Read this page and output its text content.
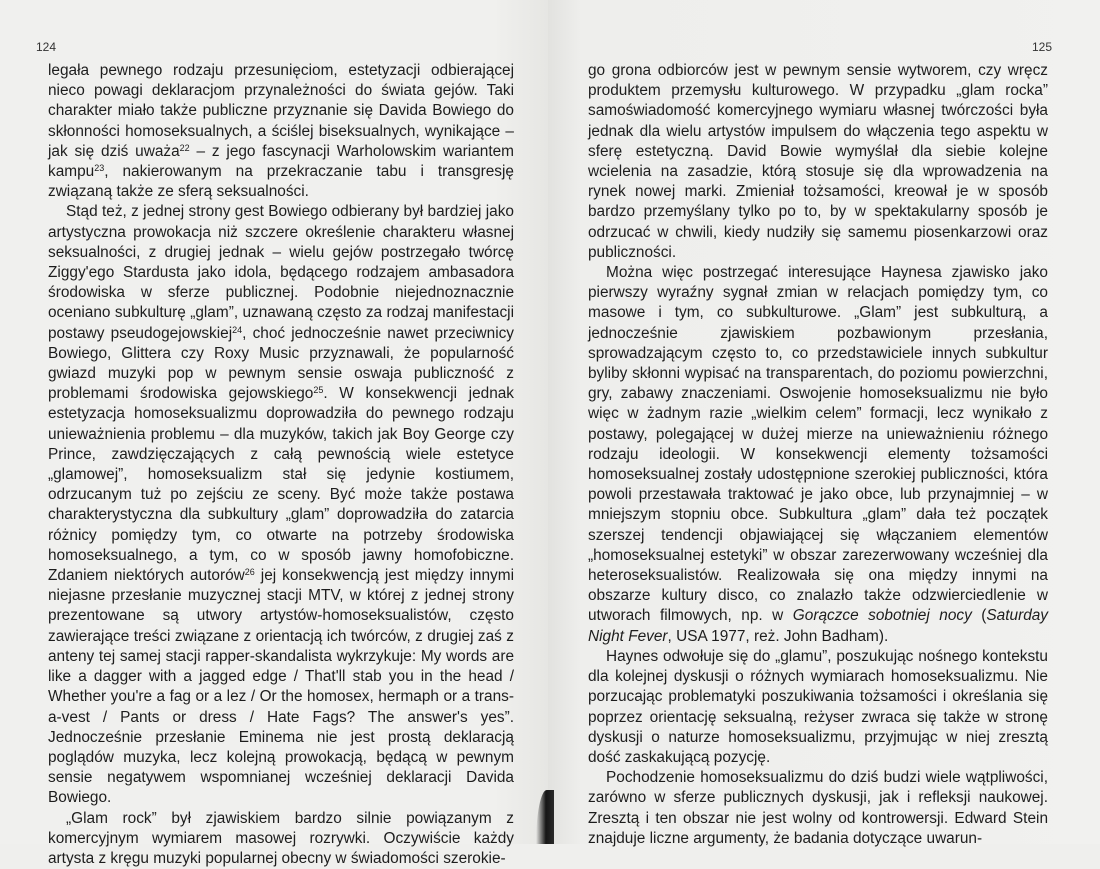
124

legała pewnego rodzaju przesunięciom, estetyzacji odbierającej nieco powagi deklaracjom przynależności do świata gejów. Taki charakter miało także publiczne przyznanie się Davida Bowiego do skłonności homoseksualnych, a ściślej biseksualnych, wynikające – jak się dziś uważa$^{22}$ – z jego fascynacji Warholowskim wariantem kampu$^{23}$, nakierowanym na przekraczanie tabu i transgresję związaną także ze sferą seksualności.

Stąd też, z jednej strony gest Bowiego odbierany był bardziej jako artystyczna prowokacja niż szczere określenie charakteru własnej seksualności, z drugiej jednak – wielu gejów postrzegało twórcę Ziggy'ego Stardusta jako idola, będącego rodzajem ambasadora środowiska w sferze publicznej. Podobnie niejednoznacznie oceniano subkulturę „glam”, uznawaną często za rodzaj manifestacji postawy pseudogejowskiej$^{24}$, choć jednocześnie nawet przeciwnicy Bowiego, Glittera czy Roxy Music przyznawali, że popularność gwiazd muzyki pop w pewnym sensie oswaja publiczność z problemami środowiska gejowskiego$^{25}$. W konsekwencji jednak estetyzacja homoseksualizmu doprowadziła do pewnego rodzaju unieważnienia problemu – dla muzyków, takich jak Boy George czy Prince, zawdzięczających z całą pewnością wiele estetyce „glamowej”, homoseksualizm stał się jedynie kostiumem, odrzucanym tuż po zejściu ze sceny. Być może także postawa charakterystyczna dla subkultury „glam” doprowadziła do zatarcia różnicy pomiędzy tym, co otwarte na potrzeby środowiska homoseksualnego, a tym, co w sposób jawny homofobiczne. Zdaniem niektórych autorów$^{26}$ jej konsekwencją jest między innymi niejasne przesłanie muzycznej stacji MTV, w której z jednej strony prezentowane są utwory artystów-homoseksualistów, często zawierające treści związane z orientacją ich twórców, z drugiej zaś z anteny tej samej stacji rapper-skandalista wykrzykuje: My words are like a dagger with a jagged edge / That'll stab you in the head / Whether you're a fag or a lez / Or the homosex, hermaph or a trans-a-vest / Pants or dress / Hate Fags? The answer's yes”. Jednocześnie przesłanie Eminema nie jest prostą deklaracją poglądów muzyka, lecz kolejną prowokacją, będącą w pewnym sensie negatywem wspomnianej wcześniej deklaracji Davida Bowiego.

„Glam rock” był zjawiskiem bardzo silnie powiązanym z komercyjnym wymiarem masowej rozrywki. Oczywiście każdy artysta z kręgu muzyki popularnej obecny w świadomości szerokie-

125

go grona odbiorców jest w pewnym sensie wytworem, czy wręcz produktem przemysłu kulturowego. W przypadku „glam rocka” samoświadomość komercyjnego wymiaru własnej twórczości była jednak dla wielu artystów impulsem do włączenia tego aspektu w sferę estetyczną. David Bowie wymyślał dla siebie kolejne wcielenia na zasadzie, którą stosuje się dla wprowadzenia na rynek nowej marki. Zmieniał tożsamości, kreował je w sposób bardzo przemyślany tylko po to, by w spektakularny sposób je odrzucać w chwili, kiedy nudziły się samemu piosenkarzowi oraz publiczności.

Można więc postrzegać interesujące Haynesa zjawisko jako pierwszy wyraźny sygnał zmian w relacjach pomiędzy tym, co masowe i tym, co subkulturowe. „Glam” jest subkulturą, a jednocześnie zjawiskiem pozbawionym przesłania, sprowadzającym często to, co przedstawiciele innych subkultur byliby skłonni wypisać na transparentach, do poziomu powierzchni, gry, zabawy znaczeniami. Oswojenie homoseksualizmu nie było więc w żadnym razie „wielkim celem” formacji, lecz wynikało z postawy, polegającej w dużej mierze na unieważnieniu różnego rodzaju ideologii. W konsekwencji elementy tożsamości homoseksualnej zostały udostępnione szerokiej publiczności, która powoli przestawała traktować je jako obce, lub przynajmniej – w mniejszym stopniu obce. Subkultura „glam” dała też początek szerszej tendencji objawiającej się włączaniem elementów „homoseksualnej estetyki” w obszar zarezerwowany wcześniej dla heteroseksualistów. Realizowała się ona między innymi na obszarze kultury disco, co znalazło także odzwierciedlenie w utworach filmowych, np. w Gorączce sobotniej nocy (Saturday Night Fever, USA 1977, reż. John Badham).

Haynes odwołuje się do „glamu”, poszukując nośnego kontekstu dla kolejnej dyskusji o różnych wymiarach homoseksualizmu. Nie porzucając problematyki poszukiwania tożsamości i określania się poprzez orientację seksualną, reżyser zwraca się także w stronę dyskusji o naturze homoseksualizmu, przyjmując w niej zresztą dość zaskakującą pozycję.

Pochodzenie homoseksualizmu do dziś budzi wiele wątpliwości, zarówno w sferze publicznych dyskusji, jak i refleksji naukowej. Zresztą i ten obszar nie jest wolny od kontrowersji. Edward Stein znajduje liczne argumenty, że badania dotyczące uwarun-
